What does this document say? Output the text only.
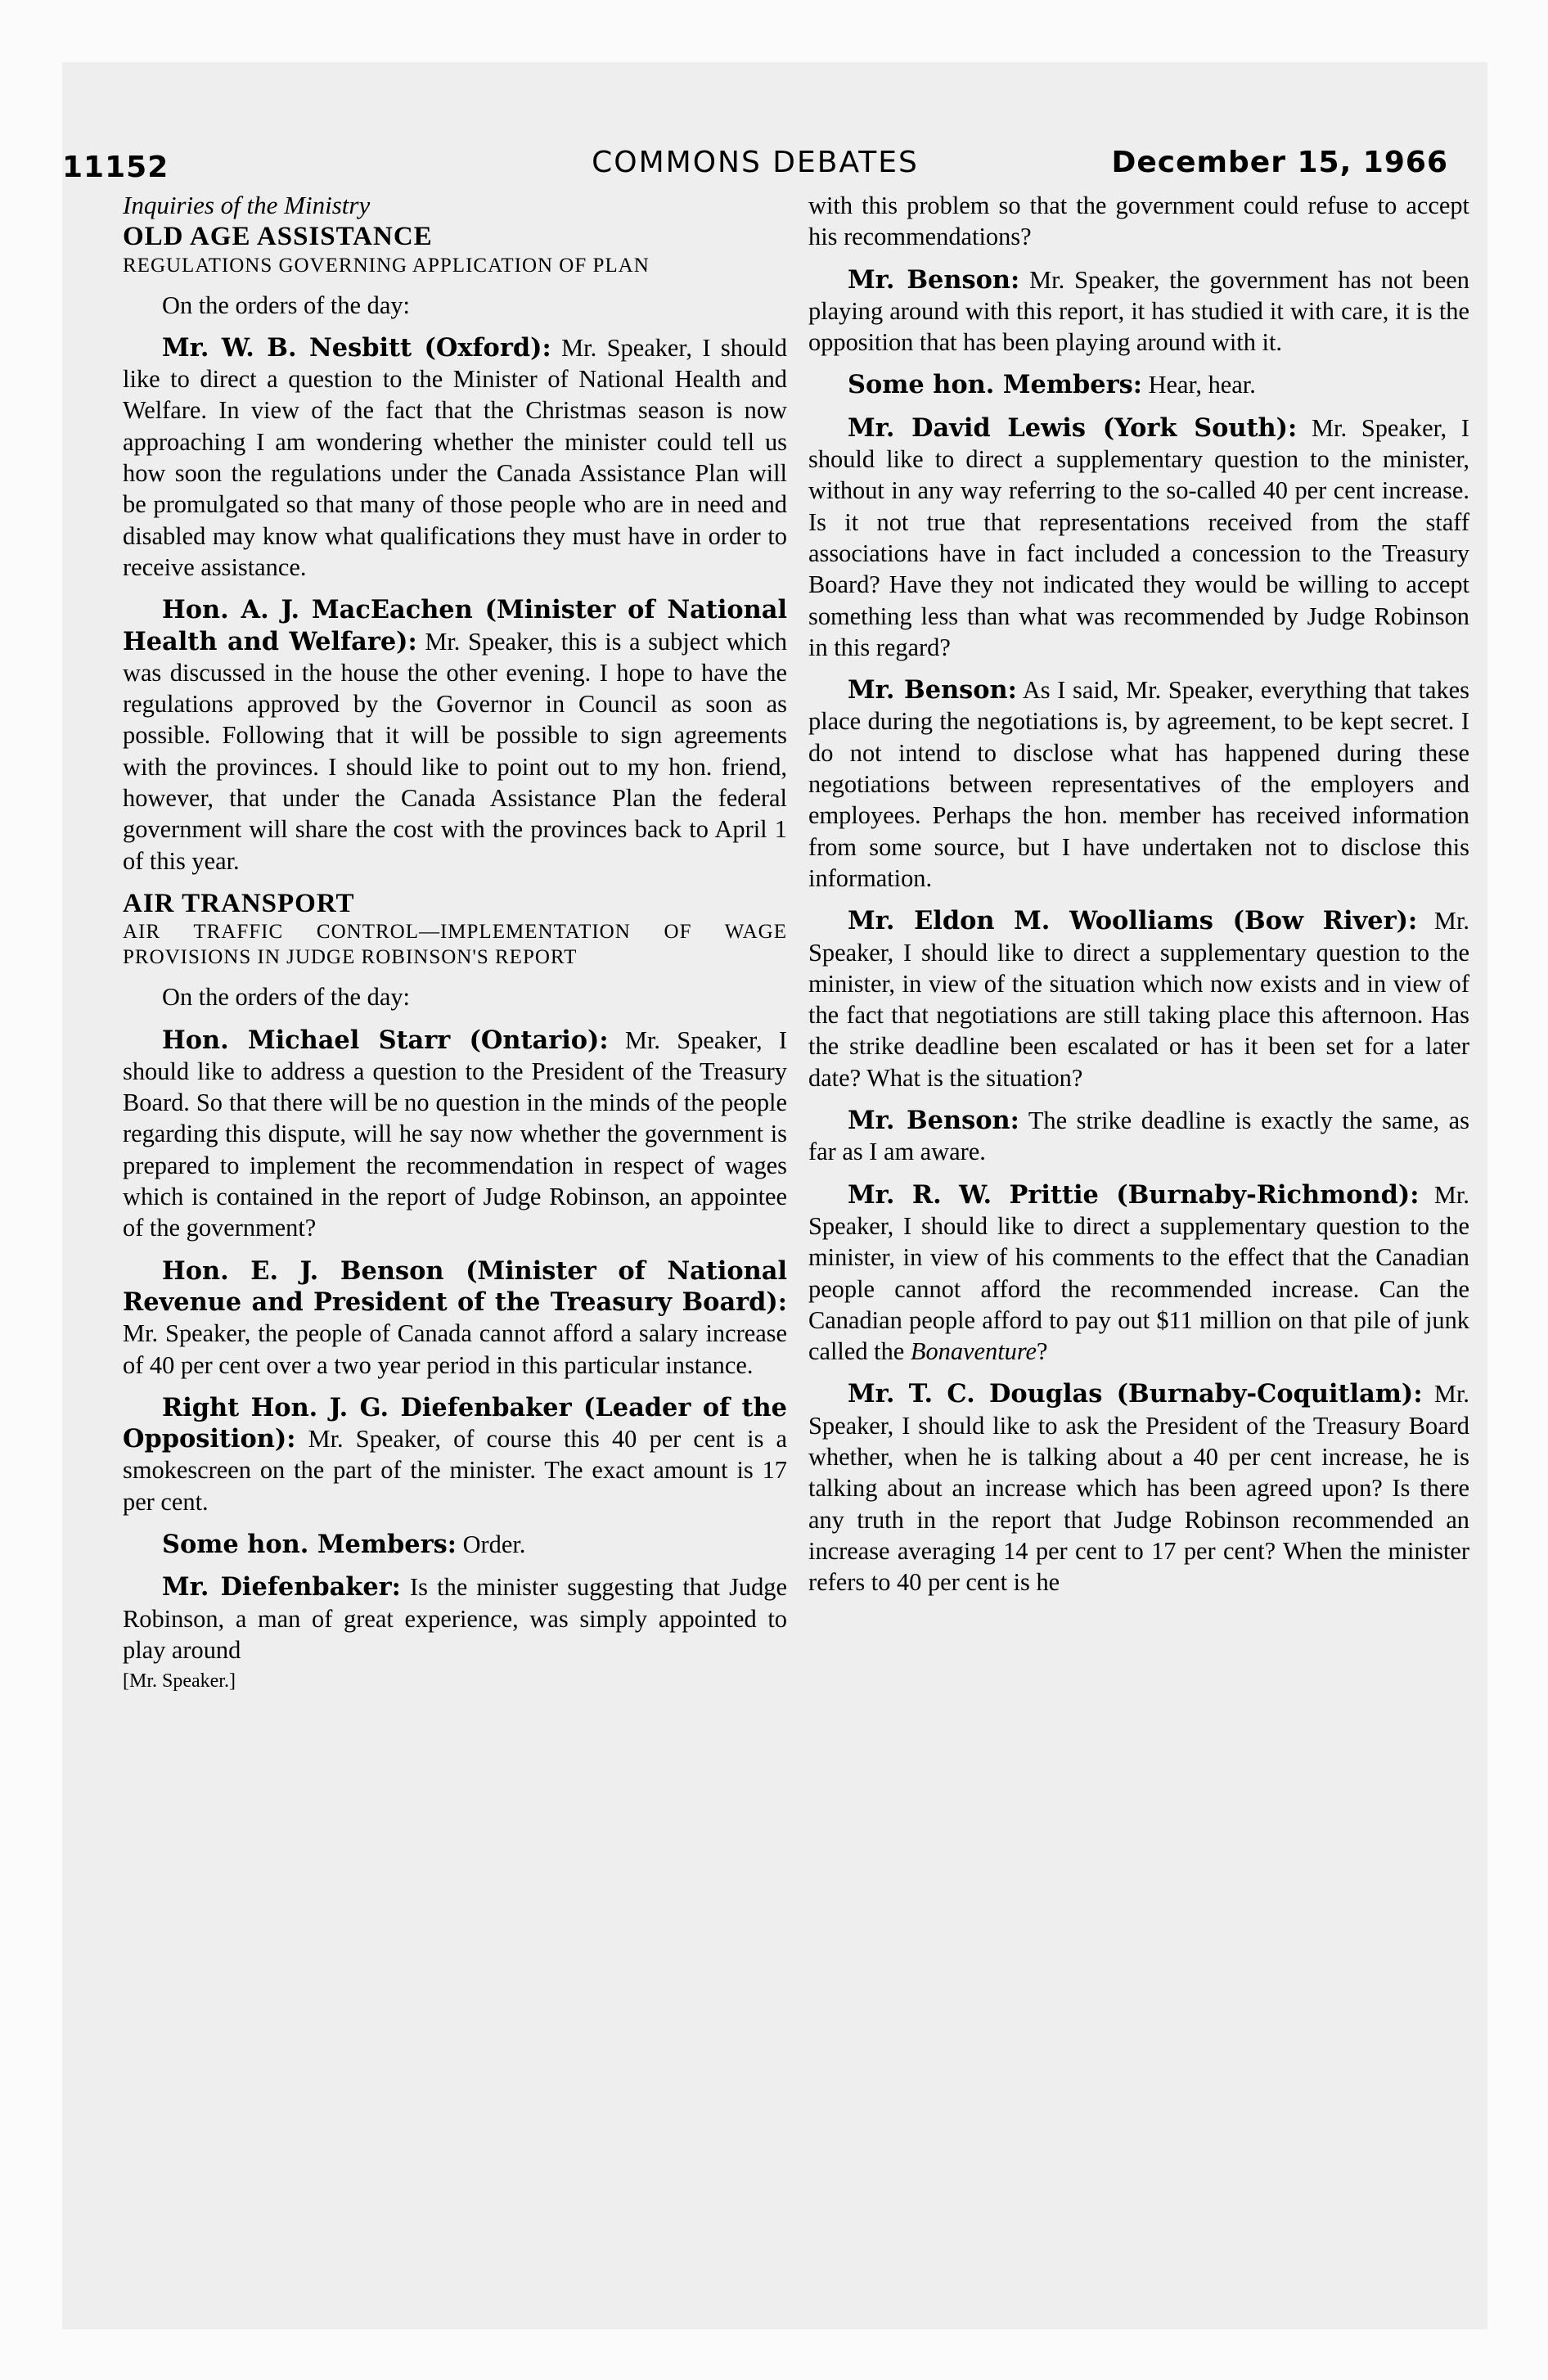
11152	COMMONS DEBATES	December 15, 1966

Inquiries of the Ministry

OLD AGE ASSISTANCE

REGULATIONS GOVERNING APPLICATION OF PLAN

On the orders of the day:

Mr. W. B. Nesbitt (Oxford): Mr. Speaker, I should like to direct a question to the Minister of National Health and Welfare. In view of the fact that the Christmas season is now approaching I am wondering whether the minister could tell us how soon the regulations under the Canada Assistance Plan will be promulgated so that many of those people who are in need and disabled may know what qualifications they must have in order to receive assistance.

Hon. A. J. MacEachen (Minister of National Health and Welfare): Mr. Speaker, this is a subject which was discussed in the house the other evening. I hope to have the regulations approved by the Governor in Council as soon as possible. Following that it will be possible to sign agreements with the provinces. I should like to point out to my hon. friend, however, that under the Canada Assistance Plan the federal government will share the cost with the provinces back to April 1 of this year.

AIR TRANSPORT

AIR TRAFFIC CONTROL—IMPLEMENTATION OF WAGE PROVISIONS IN JUDGE ROBINSON'S REPORT

On the orders of the day:

Hon. Michael Starr (Ontario): Mr. Speaker, I should like to address a question to the President of the Treasury Board. So that there will be no question in the minds of the people regarding this dispute, will he say now whether the government is prepared to implement the recommendation in respect of wages which is contained in the report of Judge Robinson, an appointee of the government?

Hon. E. J. Benson (Minister of National Revenue and President of the Treasury Board): Mr. Speaker, the people of Canada cannot afford a salary increase of 40 per cent over a two year period in this particular instance.

Right Hon. J. G. Diefenbaker (Leader of the Opposition): Mr. Speaker, of course this 40 per cent is a smokescreen on the part of the minister. The exact amount is 17 per cent.

Some hon. Members: Order.

Mr. Diefenbaker: Is the minister suggesting that Judge Robinson, a man of great experience, was simply appointed to play around

[Mr. Speaker.]

with this problem so that the government could refuse to accept his recommendations?

Mr. Benson: Mr. Speaker, the government has not been playing around with this report, it has studied it with care, it is the opposition that has been playing around with it.

Some hon. Members: Hear, hear.

Mr. David Lewis (York South): Mr. Speaker, I should like to direct a supplementary question to the minister, without in any way referring to the so-called 40 per cent increase. Is it not true that representations received from the staff associations have in fact included a concession to the Treasury Board? Have they not indicated they would be willing to accept something less than what was recommended by Judge Robinson in this regard?

Mr. Benson: As I said, Mr. Speaker, everything that takes place during the negotiations is, by agreement, to be kept secret. I do not intend to disclose what has happened during these negotiations between representatives of the employers and employees. Perhaps the hon. member has received information from some source, but I have undertaken not to disclose this information.

Mr. Eldon M. Woolliams (Bow River): Mr. Speaker, I should like to direct a supplementary question to the minister, in view of the situation which now exists and in view of the fact that negotiations are still taking place this afternoon. Has the strike deadline been escalated or has it been set for a later date? What is the situation?

Mr. Benson: The strike deadline is exactly the same, as far as I am aware.

Mr. R. W. Prittie (Burnaby-Richmond): Mr. Speaker, I should like to direct a supplementary question to the minister, in view of his comments to the effect that the Canadian people cannot afford the recommended increase. Can the Canadian people afford to pay out $11 million on that pile of junk called the Bonaventure?

Mr. T. C. Douglas (Burnaby-Coquitlam): Mr. Speaker, I should like to ask the President of the Treasury Board whether, when he is talking about a 40 per cent increase, he is talking about an increase which has been agreed upon? Is there any truth in the report that Judge Robinson recommended an increase averaging 14 per cent to 17 per cent? When the minister refers to 40 per cent is he
